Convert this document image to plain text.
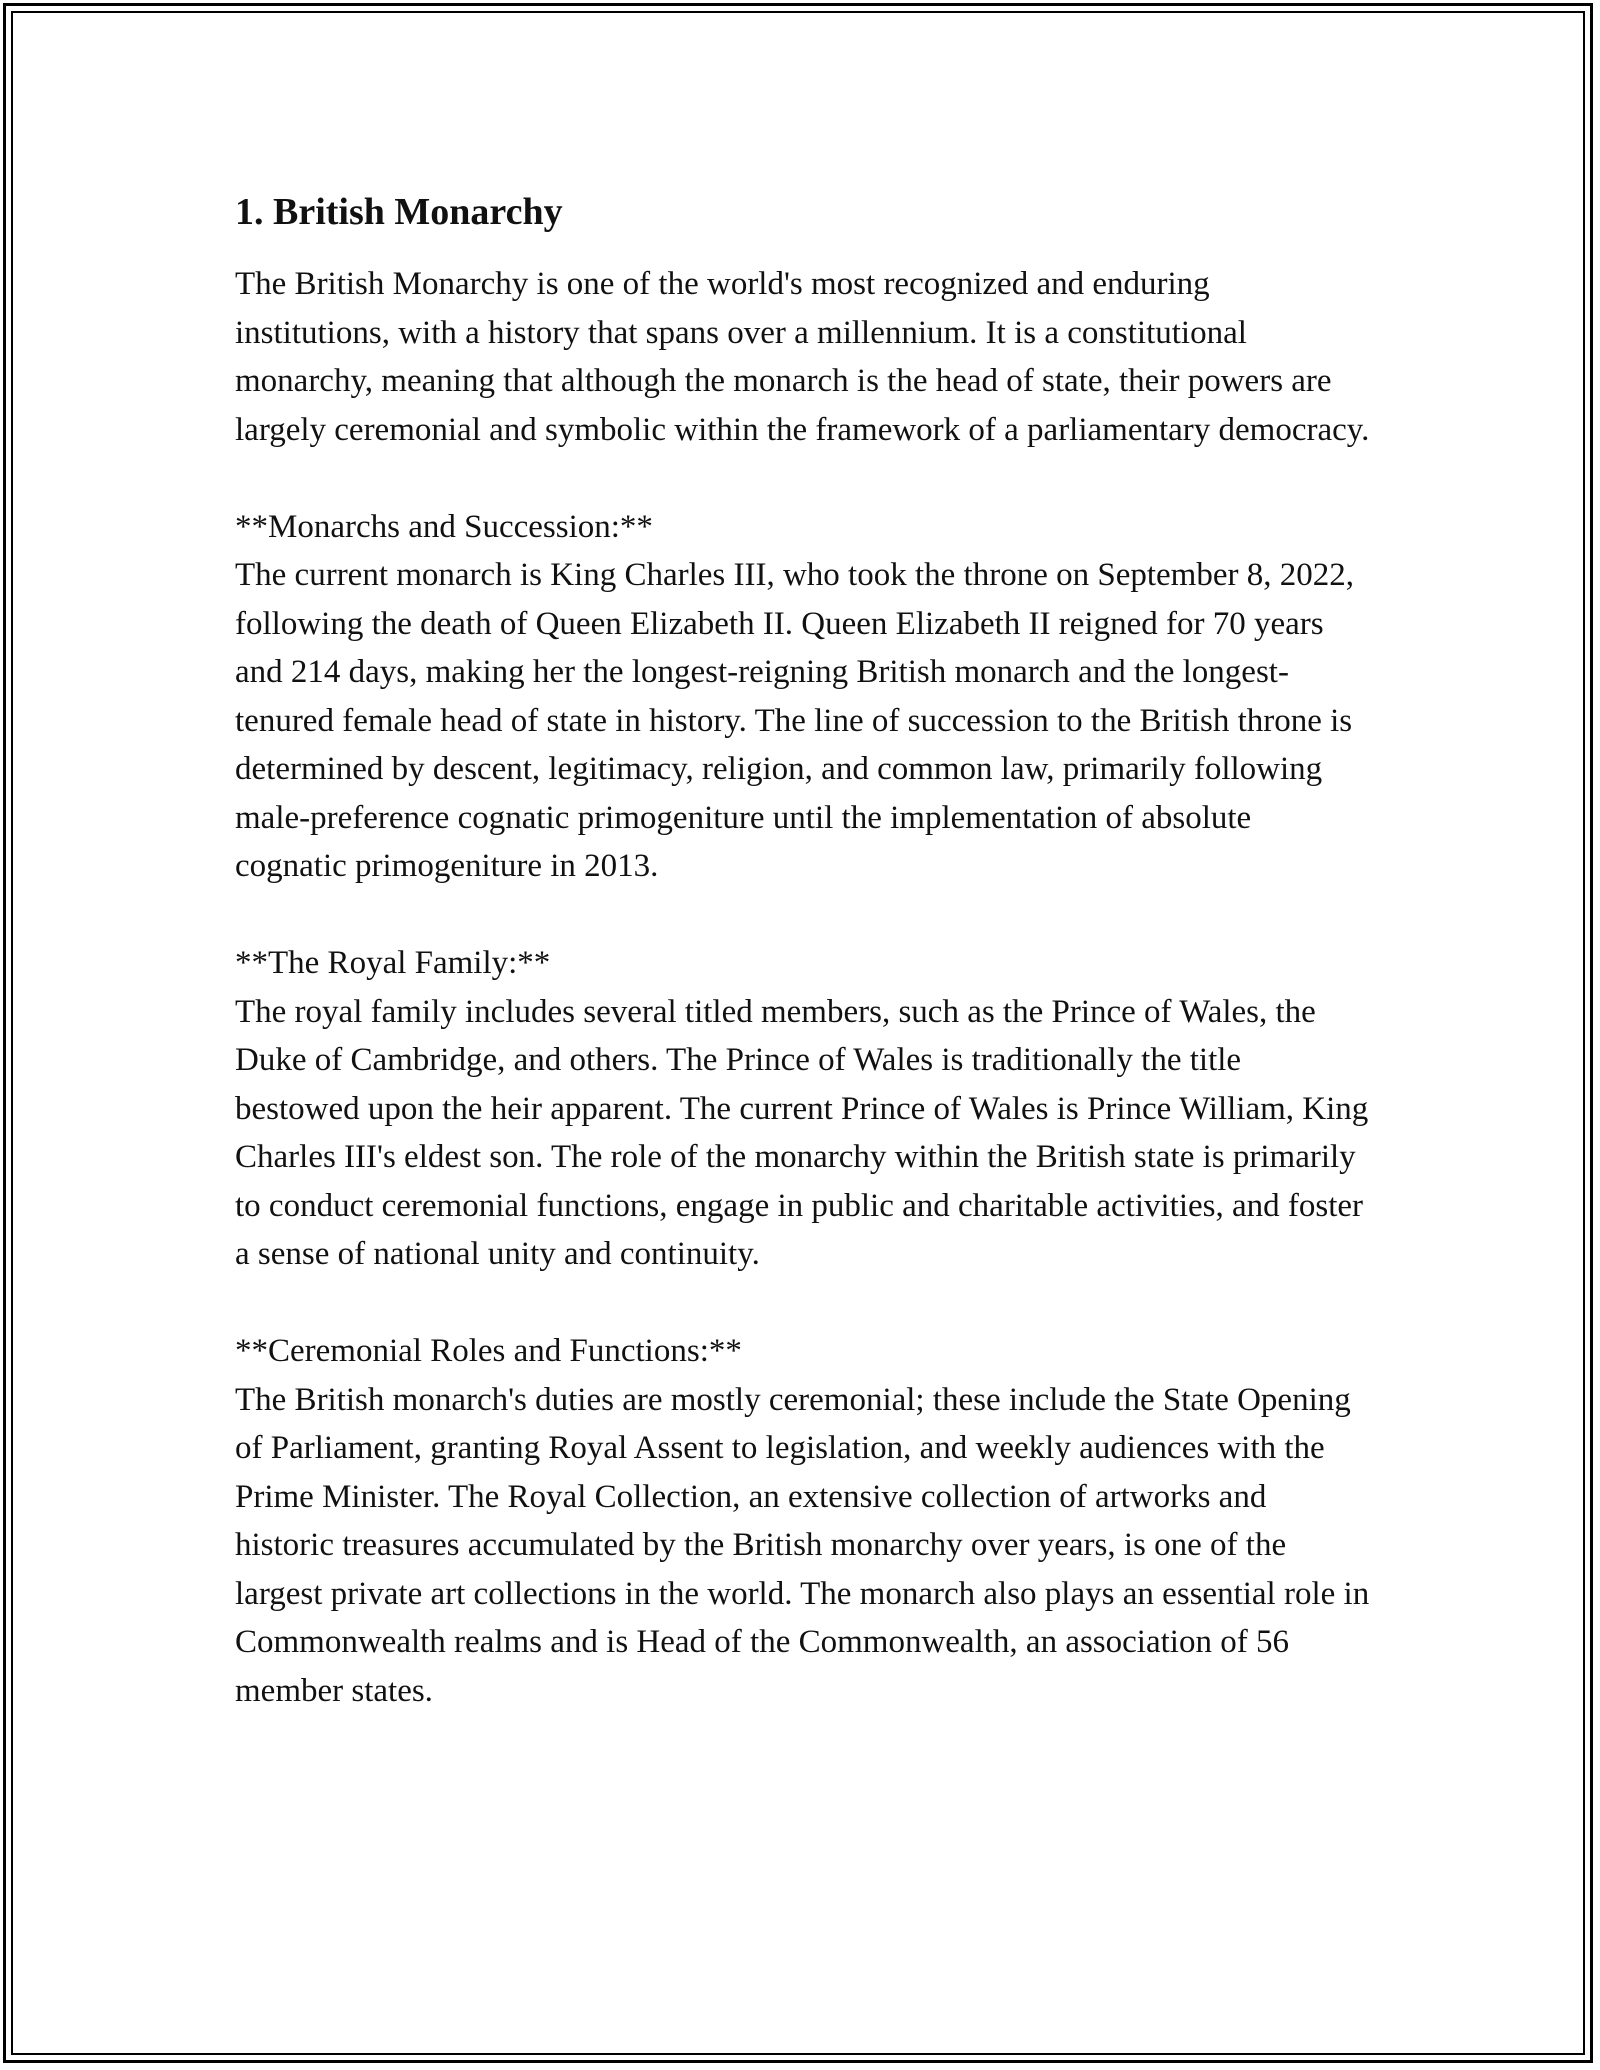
1. British Monarchy

The British Monarchy is one of the world's most recognized and enduring institutions, with a history that spans over a millennium. It is a constitutional monarchy, meaning that although the monarch is the head of state, their powers are largely ceremonial and symbolic within the framework of a parliamentary democracy.

**Monarchs and Succession:**

The current monarch is King Charles III, who took the throne on September 8, 2022, following the death of Queen Elizabeth II. Queen Elizabeth II reigned for 70 years and 214 days, making her the longest-reigning British monarch and the longest-tenured female head of state in history. The line of succession to the British throne is determined by descent, legitimacy, religion, and common law, primarily following male-preference cognatic primogeniture until the implementation of absolute cognatic primogeniture in 2013.

**The Royal Family:**

The royal family includes several titled members, such as the Prince of Wales, the Duke of Cambridge, and others. The Prince of Wales is traditionally the title bestowed upon the heir apparent. The current Prince of Wales is Prince William, King Charles III's eldest son. The role of the monarchy within the British state is primarily to conduct ceremonial functions, engage in public and charitable activities, and foster a sense of national unity and continuity.

**Ceremonial Roles and Functions:**

The British monarch's duties are mostly ceremonial; these include the State Opening of Parliament, granting Royal Assent to legislation, and weekly audiences with the Prime Minister. The Royal Collection, an extensive collection of artworks and historic treasures accumulated by the British monarchy over years, is one of the largest private art collections in the world. The monarch also plays an essential role in Commonwealth realms and is Head of the Commonwealth, an association of 56 member states.
